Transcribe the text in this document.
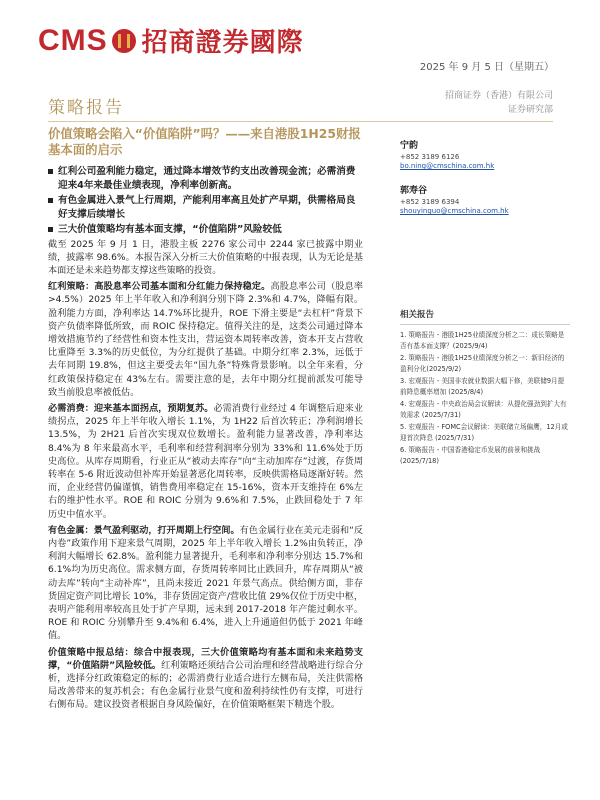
CMS 招商證券國際
2025 年 9 月 5 日（星期五）
策略报告
招商证券（香港）有限公司
证券研究部
价值策略会陷入“价值陷阱”吗？——来自港股1H25财报基本面的启示
红利公司盈利能力稳定，通过降本增效节约支出改善现金流；必需消费迎来4年来最佳业绩表现，净利率创新高。
有色金属进入景气上行周期，产能利用率高且处扩产早期，供需格局良好支撑后续增长
三大价值策略均有基本面支撑，“价值陷阱”风险较低

截至 2025 年 9 月 1 日，港股主板 2276 家公司中 2244 家已披露中期业绩，披露率 98.6%。本报告深入分析三大价值策略的中报表现，认为无论是基本面还是未来趋势都支撑这些策略的投资。

红利策略：高股息率公司基本面和分红能力保持稳定。高股息率公司（股息率>4.5%）2025 年上半年收入和净利润分别下降 2.3%和 4.7%，降幅有限。盈利能力方面，净利率达 14.7%环比提升，ROE 下滑主要是“去杠杆”背景下资产负债率降低所致，而 ROIC 保持稳定。值得关注的是，这类公司通过降本增效措施节约了经营性和资本性支出，营运资本周转率改善，资本开支占营收比重降至 3.3%的历史低位，为分红提供了基础。中期分红率 2.3%，远低于去年同期 19.8%，但这主要受去年“国九条”特殊背景影响。以全年来看，分红政策保持稳定在 43%左右。需要注意的是，去年中期分红提前派发可能导致当前股息率被低估。

必需消费：迎来基本面拐点，预期复苏。必需消费行业经过 4 年调整后迎来业绩拐点，2025 年上半年收入增长 1.1%，为 1H22 后首次转正；净利润增长 13.5%，为 2H21 后首次实现双位数增长。盈利能力显著改善，净利率达 8.4%为 8 年来最高水平，毛利率和经营利润率分别为 33%和 11.6%处于历史高位。从库存周期看，行业正从“被动去库存”向“主动加库存”过渡，存货周转率在 5-6 附近波动但补库开始显著恶化周转率，反映供需格局逐渐好转。然而，企业经营仍偏谨慎，销售费用率稳定在 15-16%，资本开支维持在 6%左右的维护性水平。ROE 和 ROIC 分别为 9.6%和 7.5%，止跌回稳处于 7 年历史中值水平。

有色金属：景气盈利驱动，打开周期上行空间。有色金属行业在美元走弱和“反内卷”政策作用下迎来景气周期，2025 年上半年收入增长 1.2%由负转正，净利润大幅增长 62.8%。盈利能力显著提升，毛利率和净利率分别达 15.7%和 6.1%均为历史高位。需求侧方面，存货周转率同比止跌回升，库存周期从“被动去库”转向“主动补库”，且尚未接近 2021 年景气高点。供给侧方面，非存货固定资产同比增长 10%，非存货固定资产/营收比值 29%仅位于历史中枢，表明产能利用率较高且处于扩产早期，远未到 2017-2018 年产能过剩水平。ROE 和 ROIC 分别攀升至 9.4%和 6.4%，进入上升通道但仍低于 2021 年峰值。

价值策略中报总结：综合中报表现，三大价值策略均有基本面和未来趋势支撑，“价值陷阱”风险较低。红利策略还须结合公司治理和经营战略进行综合分析，选择分红政策稳定的标的；必需消费行业适合进行左侧布局，关注供需格局改善带来的复苏机会；有色金属行业景气度和盈利持续性仍有支撑，可进行右侧布局。建议投资者根据自身风险偏好，在价值策略框架下精选个股。

宁韵
+852 3189 6126
bo.ning@cmschina.com.hk
郭寿谷
+852 3189 6394
shouyinguo@cmschina.com.hk
相关报告
1. 策略报告 - 港股1H25业绩深度分析之二：成长策略是否有基本面支撑？(2025/9/4)
2. 策略报告 - 港股1H25业绩深度分析之一：新旧经济的盈利分化(2025/9/2)
3. 宏观报告 - 美国非农就业数据大幅下修，美联储9月提前降息概率增加 (2025/8/4)
4. 宏观报告 - 中央政治局会议解读：从提化强劲到扩大有效需求 (2025/7/31)
5. 宏观报告 - FOMC会议解读：美联储立场偏鹰，12月或迎首次降息 (2025/7/31)
6. 策略报告 - 中国香港稳定币发展的前景和挑战(2025/7/18)
